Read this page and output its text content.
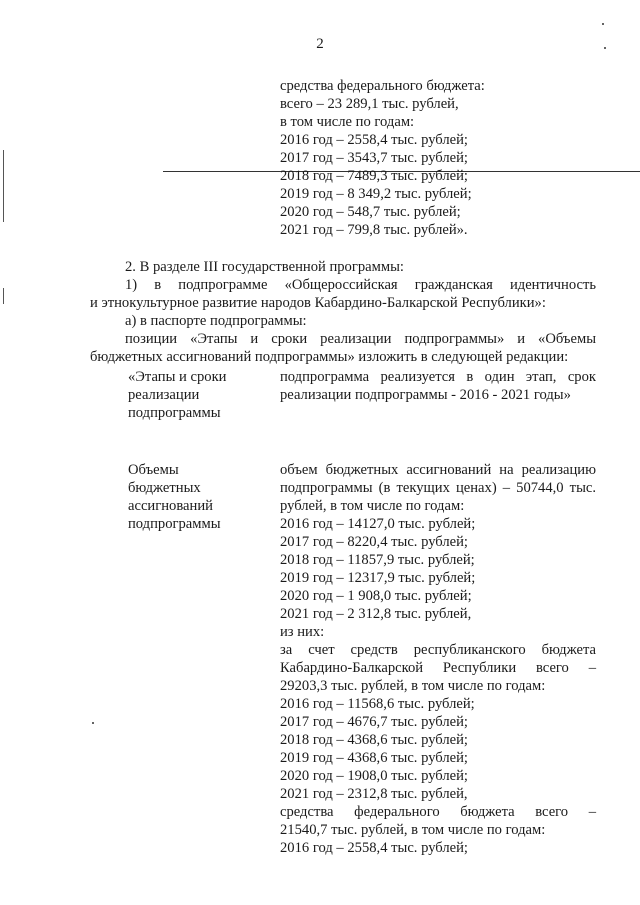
2
средства федерального бюджета:
всего – 23 289,1 тыс. рублей,
в том числе по годам:
2016 год – 2558,4 тыс. рублей;
2017 год – 3543,7 тыс. рублей;
2018 год – 7489,3 тыс. рублей;
2019 год – 8 349,2 тыс. рублей;
2020 год – 548,7 тыс. рублей;
2021 год – 799,8 тыс. рублей».
2. В разделе III государственной программы:
1) в подпрограмме «Общероссийская гражданская идентичность
и этнокультурное развитие народов Кабардино-Балкарской Республики»:
а) в паспорте подпрограммы:
позиции «Этапы и сроки реализации подпрограммы» и «Объемы
бюджетных ассигнований подпрограммы» изложить в следующей редакции:
«Этапы и сроки
реализации
подпрограммы
подпрограмма реализуется в один этап, срок
реализации подпрограммы - 2016 - 2021 годы»
Объемы
бюджетных
ассигнований
подпрограммы
объем бюджетных ассигнований на реализацию
подпрограммы (в текущих ценах) – 50744,0 тыс.
рублей, в том числе по годам:
2016 год – 14127,0 тыс. рублей;
2017 год – 8220,4 тыс. рублей;
2018 год – 11857,9 тыс. рублей;
2019 год – 12317,9 тыс. рублей;
2020 год – 1 908,0 тыс. рублей;
2021 год – 2 312,8 тыс. рублей,
из них:
за счет средств республиканского бюджета
Кабардино-Балкарской Республики всего –
29203,3 тыс. рублей, в том числе по годам:
2016 год – 11568,6 тыс. рублей;
2017 год – 4676,7 тыс. рублей;
2018 год – 4368,6 тыс. рублей;
2019 год – 4368,6 тыс. рублей;
2020 год – 1908,0 тыс. рублей;
2021 год – 2312,8 тыс. рублей,
средства федерального бюджета всего –
21540,7 тыс. рублей, в том числе по годам:
2016 год – 2558,4 тыс. рублей;
